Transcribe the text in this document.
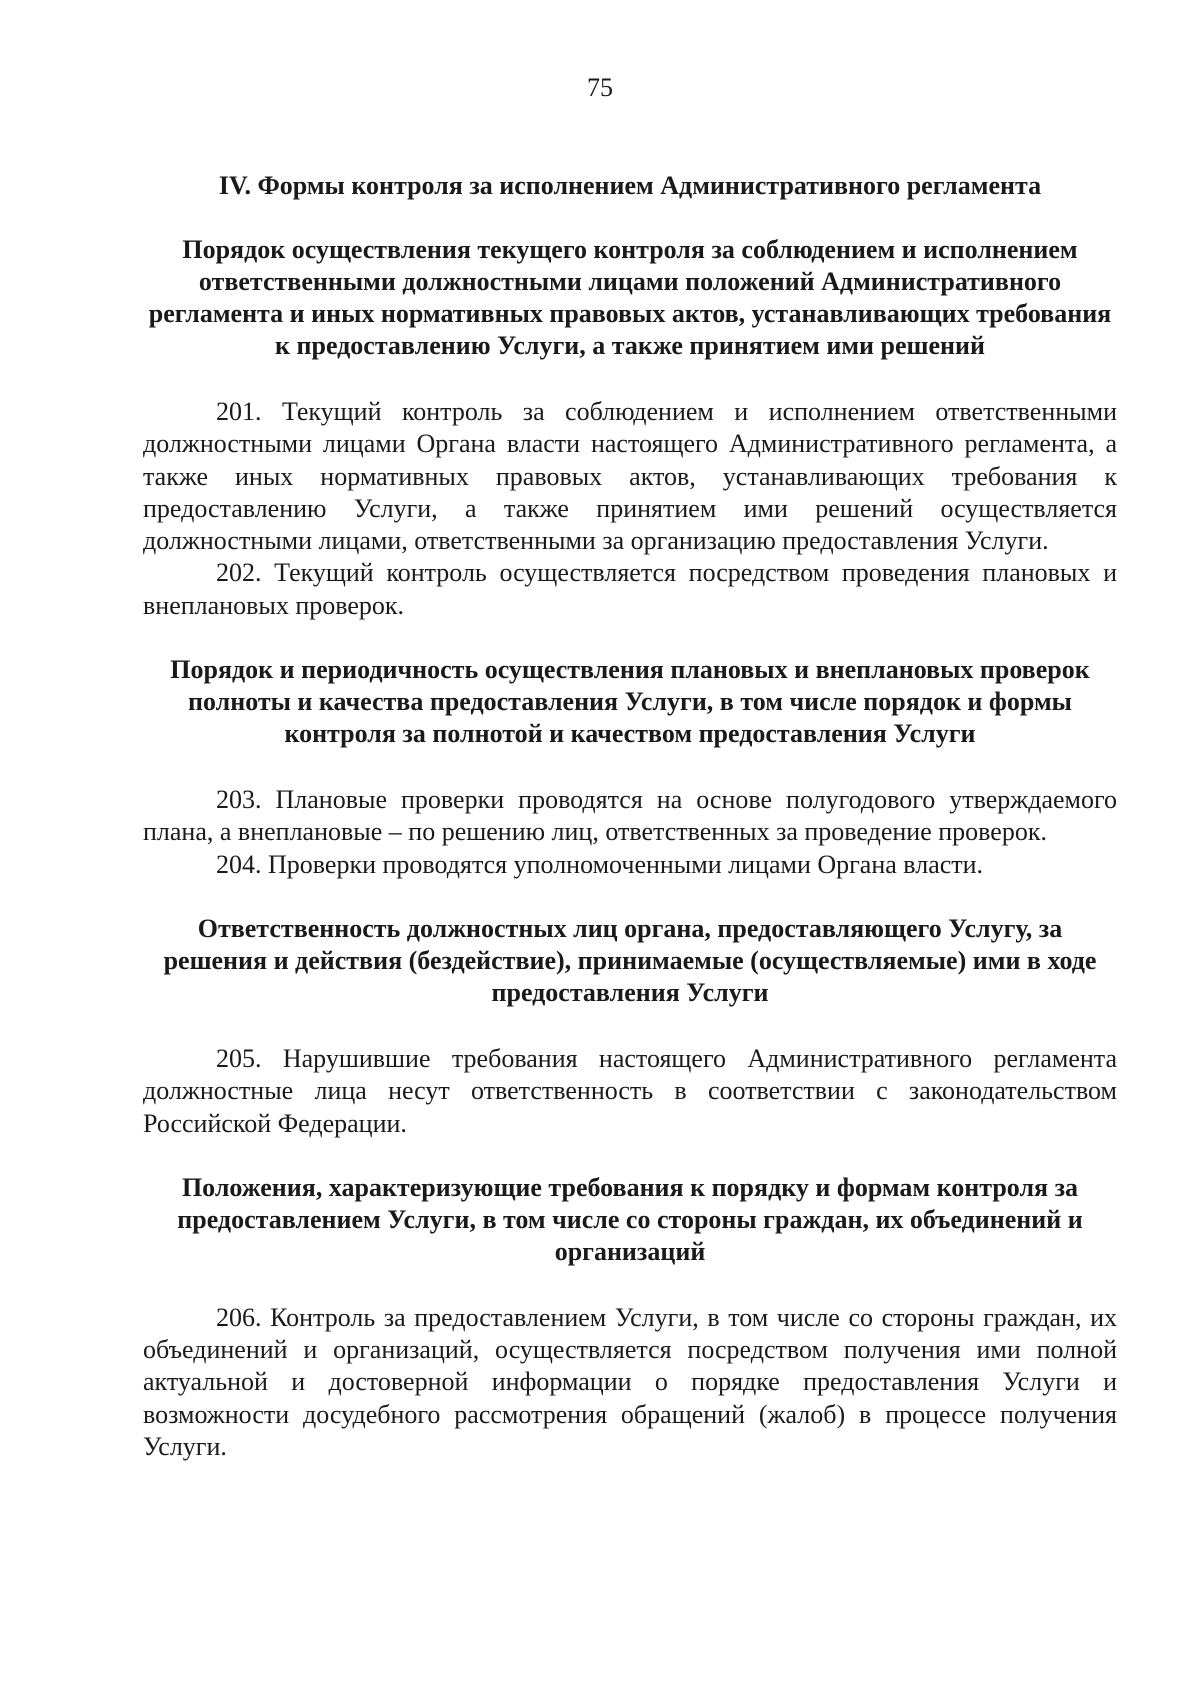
75
IV. Формы контроля за исполнением Административного регламента
Порядок осуществления текущего контроля за соблюдением и исполнением ответственными должностными лицами положений Административного регламента и иных нормативных правовых актов, устанавливающих требования к предоставлению Услуги, а также принятием ими решений

201. Текущий контроль за соблюдением и исполнением ответственными должностными лицами Органа власти настоящего Административного регламента, а также иных нормативных правовых актов, устанавливающих требования к предоставлению Услуги, а также принятием ими решений осуществляется должностными лицами, ответственными за организацию предоставления Услуги.

202. Текущий контроль осуществляется посредством проведения плановых и внеплановых проверок.

Порядок и периодичность осуществления плановых и внеплановых проверок полноты и качества предоставления Услуги, в том числе порядок и формы контроля за полнотой и качеством предоставления Услуги

203. Плановые проверки проводятся на основе полугодового утверждаемого плана, а внеплановые – по решению лиц, ответственных за проведение проверок.

204. Проверки проводятся уполномоченными лицами Органа власти.

Ответственность должностных лиц органа, предоставляющего Услугу, за решения и действия (бездействие), принимаемые (осуществляемые) ими в ходе предоставления Услуги

205. Нарушившие требования настоящего Административного регламента должностные лица несут ответственность в соответствии с законодательством Российской Федерации.

Положения, характеризующие требования к порядку и формам контроля за предоставлением Услуги, в том числе со стороны граждан, их объединений и организаций

206. Контроль за предоставлением Услуги, в том числе со стороны граждан, их объединений и организаций, осуществляется посредством получения ими полной актуальной и достоверной информации о порядке предоставления Услуги и возможности досудебного рассмотрения обращений (жалоб) в процессе получения Услуги.
